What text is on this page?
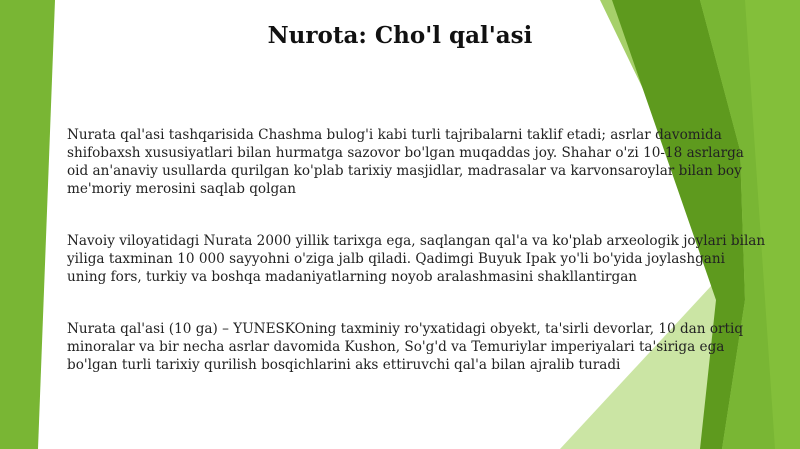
Nurota: Cho'l qal'asi

Nurata qal'asi tashqarisida Chashma bulog'i kabi turli tajribalarni taklif etadi; asrlar davomida shifobaxsh xususiyatlari bilan hurmatga sazovor bo'lgan muqaddas joy. Shahar o'zi 10-18 asrlarga oid an'anaviy usullarda qurilgan ko'plab tarixiy masjidlar, madrasalar va karvonsaroylar bilan boy me'moriy merosini saqlab qolgan

Navoiy viloyatidagi Nurata 2000 yillik tarixga ega, saqlangan qal'a va ko'plab arxeologik joylari bilan yiliga taxminan 10 000 sayyohni o'ziga jalb qiladi. Qadimgi Buyuk Ipak yo'li bo'yida joylashgani uning fors, turkiy va boshqa madaniyatlarning noyob aralashmasini shakllantirgan

Nurata qal'asi (10 ga) – YUNESKOning taxminiy ro'yxatidagi obyekt, ta'sirli devorlar, 10 dan ortiq minoralar va bir necha asrlar davomida Kushon, So'g'd va Temuriylar imperiyalari ta'siriga ega bo'lgan turli tarixiy qurilish bosqichlarini aks ettiruvchi qal'a bilan ajralib turadi
